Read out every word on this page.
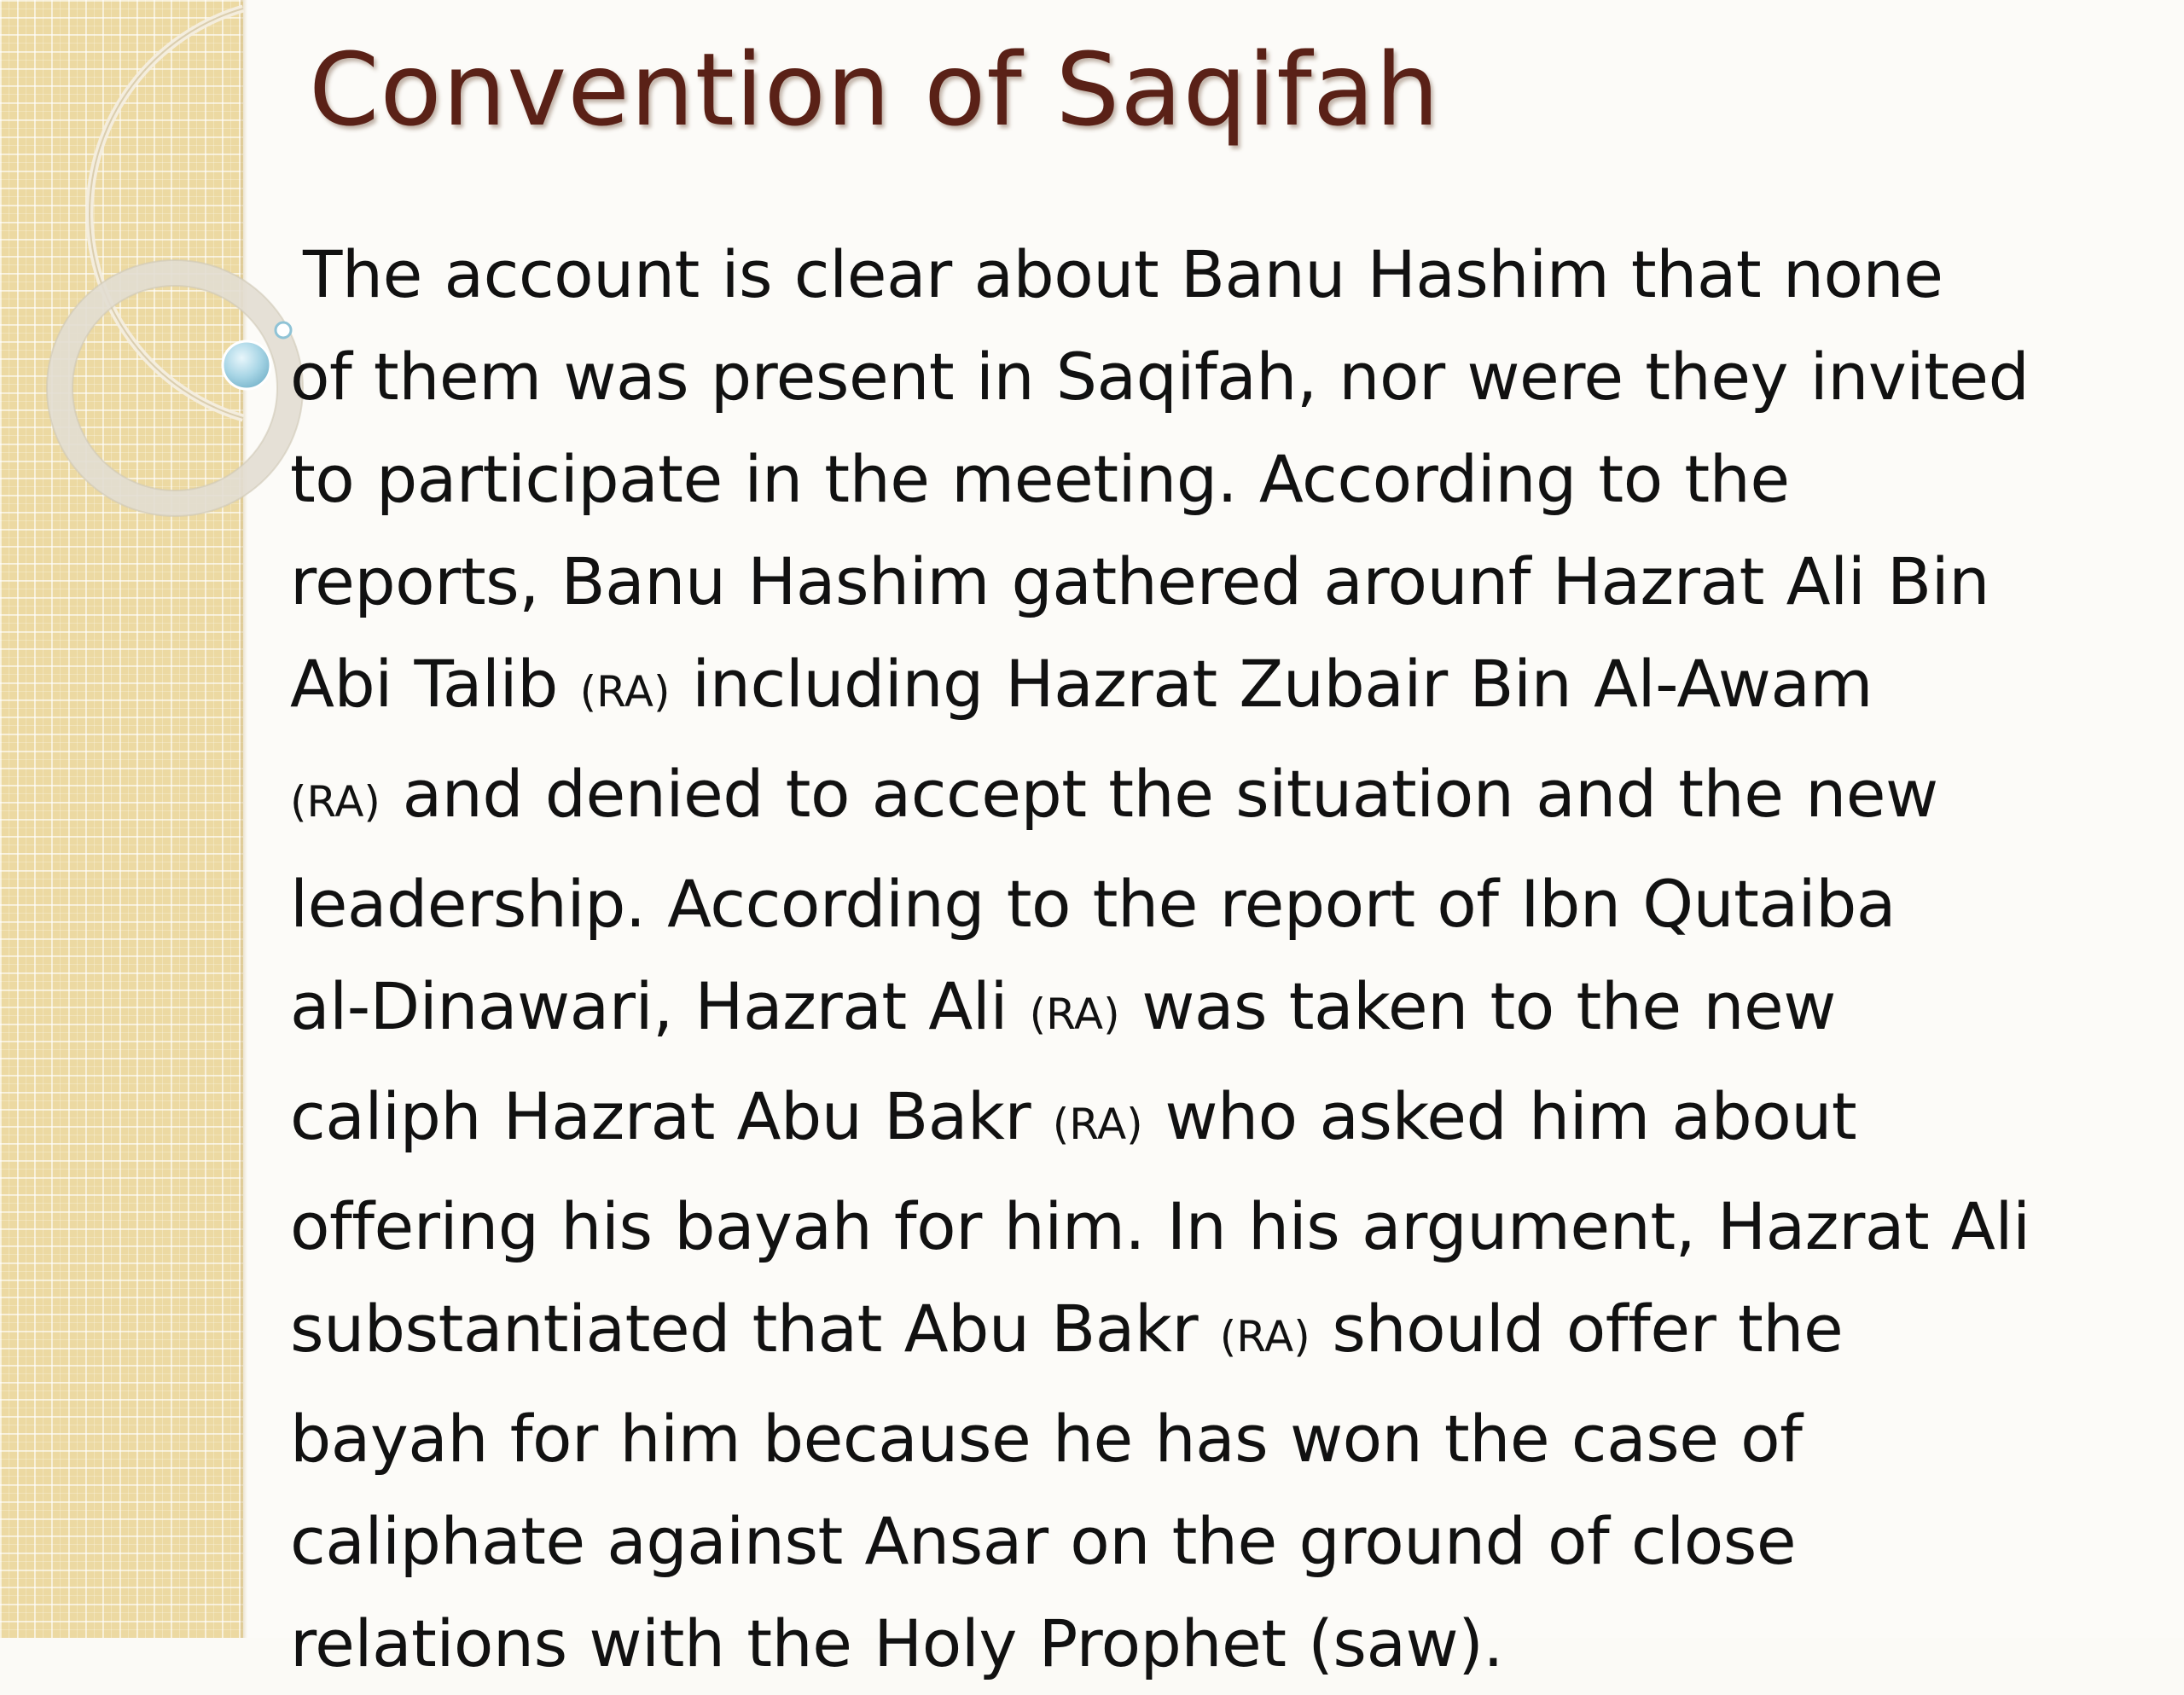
Convention of Saqifah
The account is clear about Banu Hashim that none
of them was present in Saqifah, nor were they invited
to participate in the meeting. According to the
reports, Banu Hashim gathered arounf Hazrat Ali Bin
Abi Talib (RA) including Hazrat Zubair Bin Al-Awam
(RA) and denied to accept the situation and the new
leadership. According to the report of Ibn Qutaiba
al-Dinawari, Hazrat Ali (RA) was taken to the new
caliph Hazrat Abu Bakr (RA) who asked him about
offering his bayah for him. In his argument, Hazrat Ali
substantiated that Abu Bakr (RA) should offer the
bayah for him because he has won the case of
caliphate against Ansar on the ground of close
relations with the Holy Prophet (saw).
